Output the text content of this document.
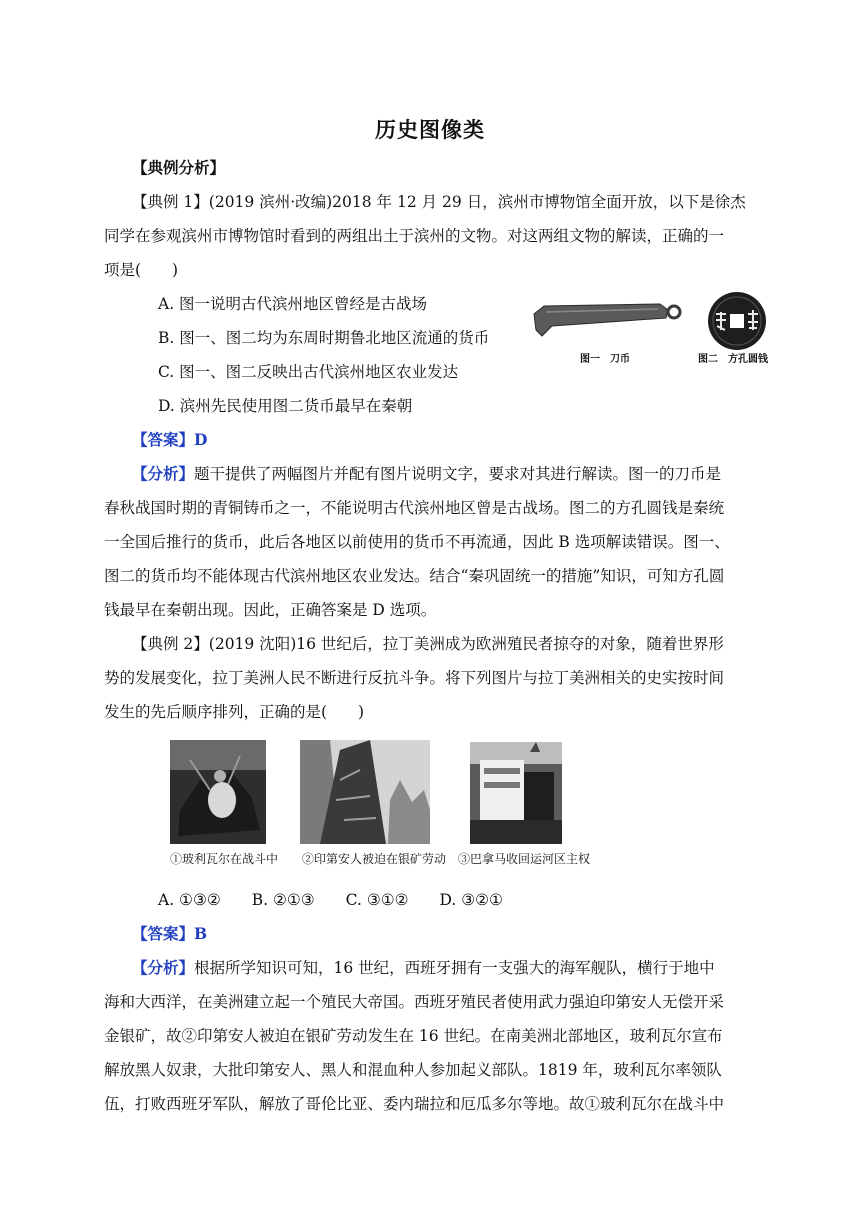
历史图像类
【典例分析】
【典例 1】(2019 滨州·改编)2018 年 12 月 29 日，滨州市博物馆全面开放，以下是徐杰
同学在参观滨州市博物馆时看到的两组出土于滨州的文物。对这两组文物的解读，正确的一
项是(　　)
A. 图一说明古代滨州地区曾经是古战场
B. 图一、图二均为东周时期鲁北地区流通的货币
C. 图一、图二反映出古代滨州地区农业发达
D. 滨州先民使用图二货币最早在秦朝
图一　刀币	图二　方孔圆钱
【答案】D
【分析】题干提供了两幅图片并配有图片说明文字，要求对其进行解读。图一的刀币是
春秋战国时期的青铜铸币之一，不能说明古代滨州地区曾是古战场。图二的方孔圆钱是秦统
一全国后推行的货币，此后各地区以前使用的货币不再流通，因此 B 选项解读错误。图一、
图二的货币均不能体现古代滨州地区农业发达。结合“秦巩固统一的措施”知识，可知方孔圆
钱最早在秦朝出现。因此，正确答案是 D 选项。
【典例 2】(2019 沈阳)16 世纪后，拉丁美洲成为欧洲殖民者掠夺的对象，随着世界形
势的发展变化，拉丁美洲人民不断进行反抗斗争。将下列图片与拉丁美洲相关的史实按时间
发生的先后顺序排列，正确的是(　　)
①玻利瓦尔在战斗中 ②印第安人被迫在银矿劳动 ③巴拿马收回运河区主权
A. ①③②　　B. ②①③　　C. ③①②　　D. ③②①
【答案】B
【分析】根据所学知识可知，16 世纪，西班牙拥有一支强大的海军舰队，横行于地中
海和大西洋，在美洲建立起一个殖民大帝国。西班牙殖民者使用武力强迫印第安人无偿开采
金银矿，故②印第安人被迫在银矿劳动发生在 16 世纪。在南美洲北部地区，玻利瓦尔宣布
解放黑人奴隶，大批印第安人、黑人和混血种人参加起义部队。1819 年，玻利瓦尔率领队
伍，打败西班牙军队，解放了哥伦比亚、委内瑞拉和厄瓜多尔等地。故①玻利瓦尔在战斗中
